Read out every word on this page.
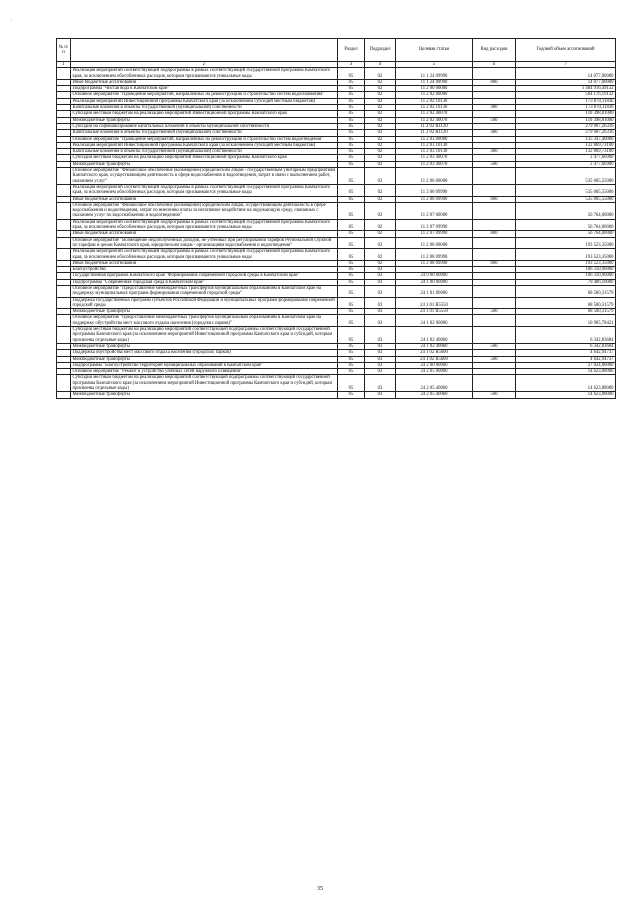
·
№ п/п		Раздел	Подраздел	Целевая статья	Вид расходов	Годовой объем ассигнований
1	2	3	4	5	6	7
	Реализация мероприятий соответствующей подпрограммы в рамках соответствующей государственной программы Камчатского края, за исключением обособленных расходов, которым присваиваются уникальные коды	05	02	11 1 24 09990		14 077,00000
	Иные бюджетные ассигнования	05	02	11 1 24 09990	800	14 077,00000
	Подпрограмма "Чистая вода в Камчатском крае"	05	02	11 2 00 00000		1 484 916,49132
	Основное мероприятие "Проведение мероприятий, направленных на реконструкцию и строительство систем водоснабжения"	05	02	11 2 02 00000		564 176,19132
	Реализация мероприятий Инвестиционной программы Камчатского края (за исключением субсидий местным бюджетам)	05	02	11 2 02 10130		173 870,11836
	Капитальные вложения в объекты государственной (муниципальной) собственности	05	02	11 2 02 10130	400	173 870,11836
	Субсидии местным бюджетам на реализацию мероприятий Инвестиционной программы Камчатского края	05	02	11 2 02 40070		110 398,81000
	Межбюджетные трансферты	05	02	11 2 02 40070	500	110 398,81000
	Субсидии на софинансирование капитальных вложений в объекты муниципальной собственности	05	02	11 2 02 R1120		279 907,26316
	Капитальные вложения в объекты государственной (муниципальной) собственности	05	02	11 2 02 R1120	400	279 907,26316
	Основное мероприятие "Проведение мероприятий, направленных на реконструкцию и строительство систем водоотведения"	05	02	11 2 03 00000		135 347,40000
	Реализация мероприятий Инвестиционной программы Камчатского края (за исключением субсидий местным бюджетам)	05	02	11 2 03 10130		132 869,73100
	Капитальные вложения в объекты государственной (муниципальной) собственности	05	02	11 2 03 10130	400	132 869,73100
	Субсидии местным бюджетам на реализацию мероприятий Инвестиционной программы Камчатского края	05	02	11 2 03 40070		2 477,66900
	Межбюджетные трансферты	05	02	11 2 03 40070	500	2 477,66900
	Основное мероприятие "Финансовое обеспечение (возмещение) юридическим лицам - государственным унитарным предприятиям Камчатского края, осуществляющим деятельность в сфере водоснабжения и водоотведения, затрат в связи с выполнением работ, оказанием услуг"	05	02	11 2 06 00000		535 005,55000
	Реализация мероприятий соответствующей подпрограммы в рамках соответствующей государственной программы Камчатского края, за исключением обособленных расходов, которым присваиваются уникальные коды	05	02	11 2 06 09990		535 005,55000
	Иные бюджетные ассигнования	05	02	11 2 06 09990	800	535 005,55000
	Основное мероприятие "Финансовое обеспечение (возмещение) юридическим лицам, осуществляющим деятельность в сфере водоснабжения и водоотведения, затрат по внесению платы за негативное воздействие на окружающую среду, связанных с оказанием услуг по водоснабжению и водоотведению"	05	02	11 2 07 00000		56 764,00000
	Реализация мероприятий соответствующей подпрограммы в рамках соответствующей государственной программы Камчатского края, за исключением обособленных расходов, которым присваиваются уникальные коды	05	02	11 2 07 09990		56 764,00000
	Иные бюджетные ассигнования	05	02	11 2 07 09990	800	56 764,00000
	Основное мероприятие "Возмещение недополученных доходов, не учтенных при регулировании тарифов Региональной службой по тарифам и ценам Камчатского края, юридическим лицам - организациям водоснабжения и водоотведения"	05	02	11 2 08 00000		193 523,35000
	Реализация мероприятий соответствующей подпрограммы в рамках соответствующей государственной программы Камчатского края, за исключением обособленных расходов, которым присваиваются уникальные коды	05	02	11 2 08 09990		193 523,35000
	Иные бюджетные ассигнования	05	02	11 2 08 09990	800	193 523,35000
	Благоустройство	05	03			106 310,90000
	Государственная программа Камчатского края "Формирование современной городской среды в Камчатском крае"	05	03	24 0 00 00000		106 310,90000
	Подпрограмма "Современная городская среда в Камчатском крае"	05	03	24 1 00 00000		79 486,10000
	Основное мероприятие "Предоставление межбюджетных трансфертов муниципальным образованиям в Камчатском крае на поддержку муниципальных программ формирования современной городской среды"	05	03	24 1 01 00000		68 500,31579
	Поддержка государственных программ субъектов Российской Федерации и муниципальных программ формирования современной городской среды	05	03	24 1 01 R5550		68 500,31579
	Межбюджетные трансферты	05	03	24 1 01 R5550	500	68 500,31579
	Основное мероприятие "Предоставление межбюджетных трансфертов муниципальным образованиям в Камчатском крае на поддержку обустройства мест массового отдыха населения (городских парков)"	05	03	24 1 02 00000		10 985,78421
	Субсидии местным бюджетам на реализацию мероприятий соответствующей подпрограммы соответствующей государственной программы Камчатского края (за исключением мероприятий Инвестиционной программы Камчатского края и субсидий, которым присвоены отдельные коды)	05	03	24 1 02 40060		6 342,83684
	Межбюджетные трансферты	05	03	24 1 02 40060	500	6 342,83684
	Поддержка обустройства мест массового отдыха населения (городских парков)	05	03	24 1 02 R5600		4 642,94737
	Межбюджетные трансферты	05	03	24 1 02 R5600	500	4 642,94737
	Подпрограмма "Благоустройство территорий муниципальных образований в Камчатском крае"	05	03	24 2 00 00000		27 024,80000
	Основное мероприятие "Ремонт и устройство уличных сетей наружного освещения"	05	03	24 2 05 00000		14 623,88000
	Субсидии местным бюджетам на реализацию мероприятий соответствующей подпрограммы соответствующей государственной программы Камчатского края (за исключением мероприятий Инвестиционной программы Камчатского края и субсидий, которым присвоены отдельные коды)	05	03	24 2 05 40060		14 623,88000
	Межбюджетные трансферты	05	03	24 2 05 40060	500	14 623,88000
35
